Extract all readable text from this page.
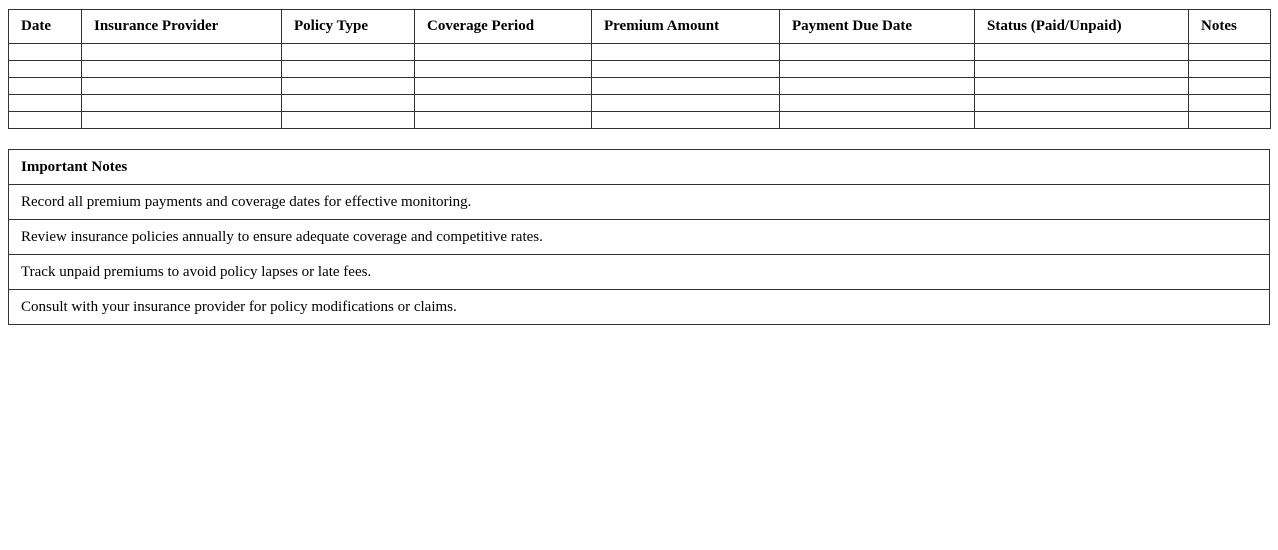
Date	Insurance Provider	Policy Type	Coverage Period	Premium Amount	Payment Due Date	Status (Paid/Unpaid)	Notes

Important Notes
Record all premium payments and coverage dates for effective monitoring.
Review insurance policies annually to ensure adequate coverage and competitive rates.
Track unpaid premiums to avoid policy lapses or late fees.
Consult with your insurance provider for policy modifications or claims.
